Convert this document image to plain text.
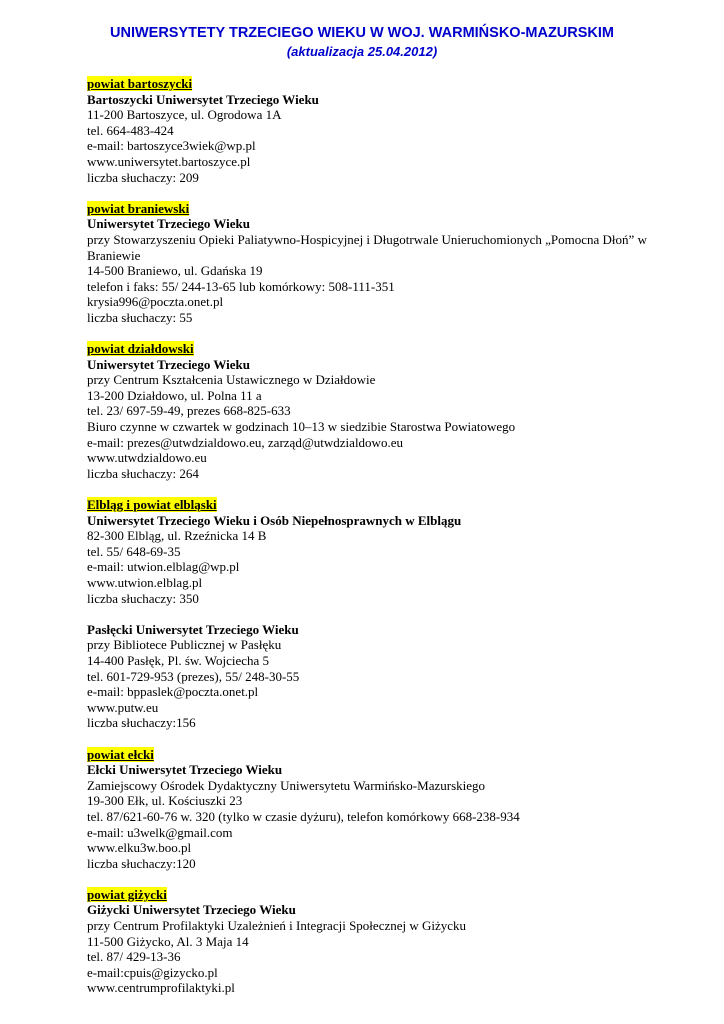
UNIWERSYTETY TRZECIEGO WIEKU W WOJ. WARMIŃSKO-MAZURSKIM
(aktualizacja 25.04.2012)
powiat bartoszycki
Bartoszycki Uniwersytet Trzeciego Wieku
11-200 Bartoszyce, ul. Ogrodowa 1A
tel. 664-483-424
e-mail: bartoszyce3wiek@wp.pl
www.uniwersytet.bartoszyce.pl
liczba słuchaczy: 209
powiat braniewski
Uniwersytet Trzeciego Wieku
przy Stowarzyszeniu Opieki Paliatywno-Hospicyjnej i Długotrwale Unieruchomionych „Pomocna Dłoń” w Braniewie
14-500 Braniewo, ul. Gdańska 19
telefon i faks: 55/ 244-13-65 lub komórkowy: 508-111-351
krysia996@poczta.onet.pl
liczba słuchaczy: 55
powiat działdowski
Uniwersytet Trzeciego Wieku
przy Centrum Kształcenia Ustawicznego w Działdowie
13-200 Działdowo, ul. Polna 11 a
tel. 23/ 697-59-49, prezes 668-825-633
Biuro czynne w czwartek w godzinach 10–13 w siedzibie Starostwa Powiatowego
e-mail: prezes@utwdzialdowo.eu, zarząd@utwdzialdowo.eu
www.utwdzialdowo.eu
liczba słuchaczy: 264
Elbląg i powiat elbląski
Uniwersytet Trzeciego Wieku i Osób Niepełnosprawnych w Elblągu
82-300 Elbląg, ul. Rzeźnicka 14 B
tel. 55/ 648-69-35
e-mail: utwion.elblag@wp.pl
www.utwion.elblag.pl
liczba słuchaczy: 350
Pasłęcki Uniwersytet Trzeciego Wieku
przy Bibliotece Publicznej w Pasłęku
14-400 Pasłęk, Pl. św. Wojciecha 5
tel. 601-729-953 (prezes), 55/ 248-30-55
e-mail: bppaslek@poczta.onet.pl
www.putw.eu
liczba słuchaczy:156
powiat ełcki
Ełcki Uniwersytet Trzeciego Wieku
Zamiejscowy Ośrodek Dydaktyczny Uniwersytetu Warmińsko-Mazurskiego
19-300 Ełk, ul. Kościuszki 23
tel. 87/621-60-76 w. 320 (tylko w czasie dyżuru), telefon komórkowy 668-238-934
e-mail: u3welk@gmail.com
www.elku3w.boo.pl
liczba słuchaczy:120
powiat giżycki
Giżycki Uniwersytet Trzeciego Wieku
przy Centrum Profilaktyki Uzależnień i Integracji Społecznej w Giżycku
11-500 Giżycko, Al. 3 Maja 14
tel. 87/ 429-13-36
e-mail:cpuis@gizycko.pl
www.centrumprofilaktyki.pl
